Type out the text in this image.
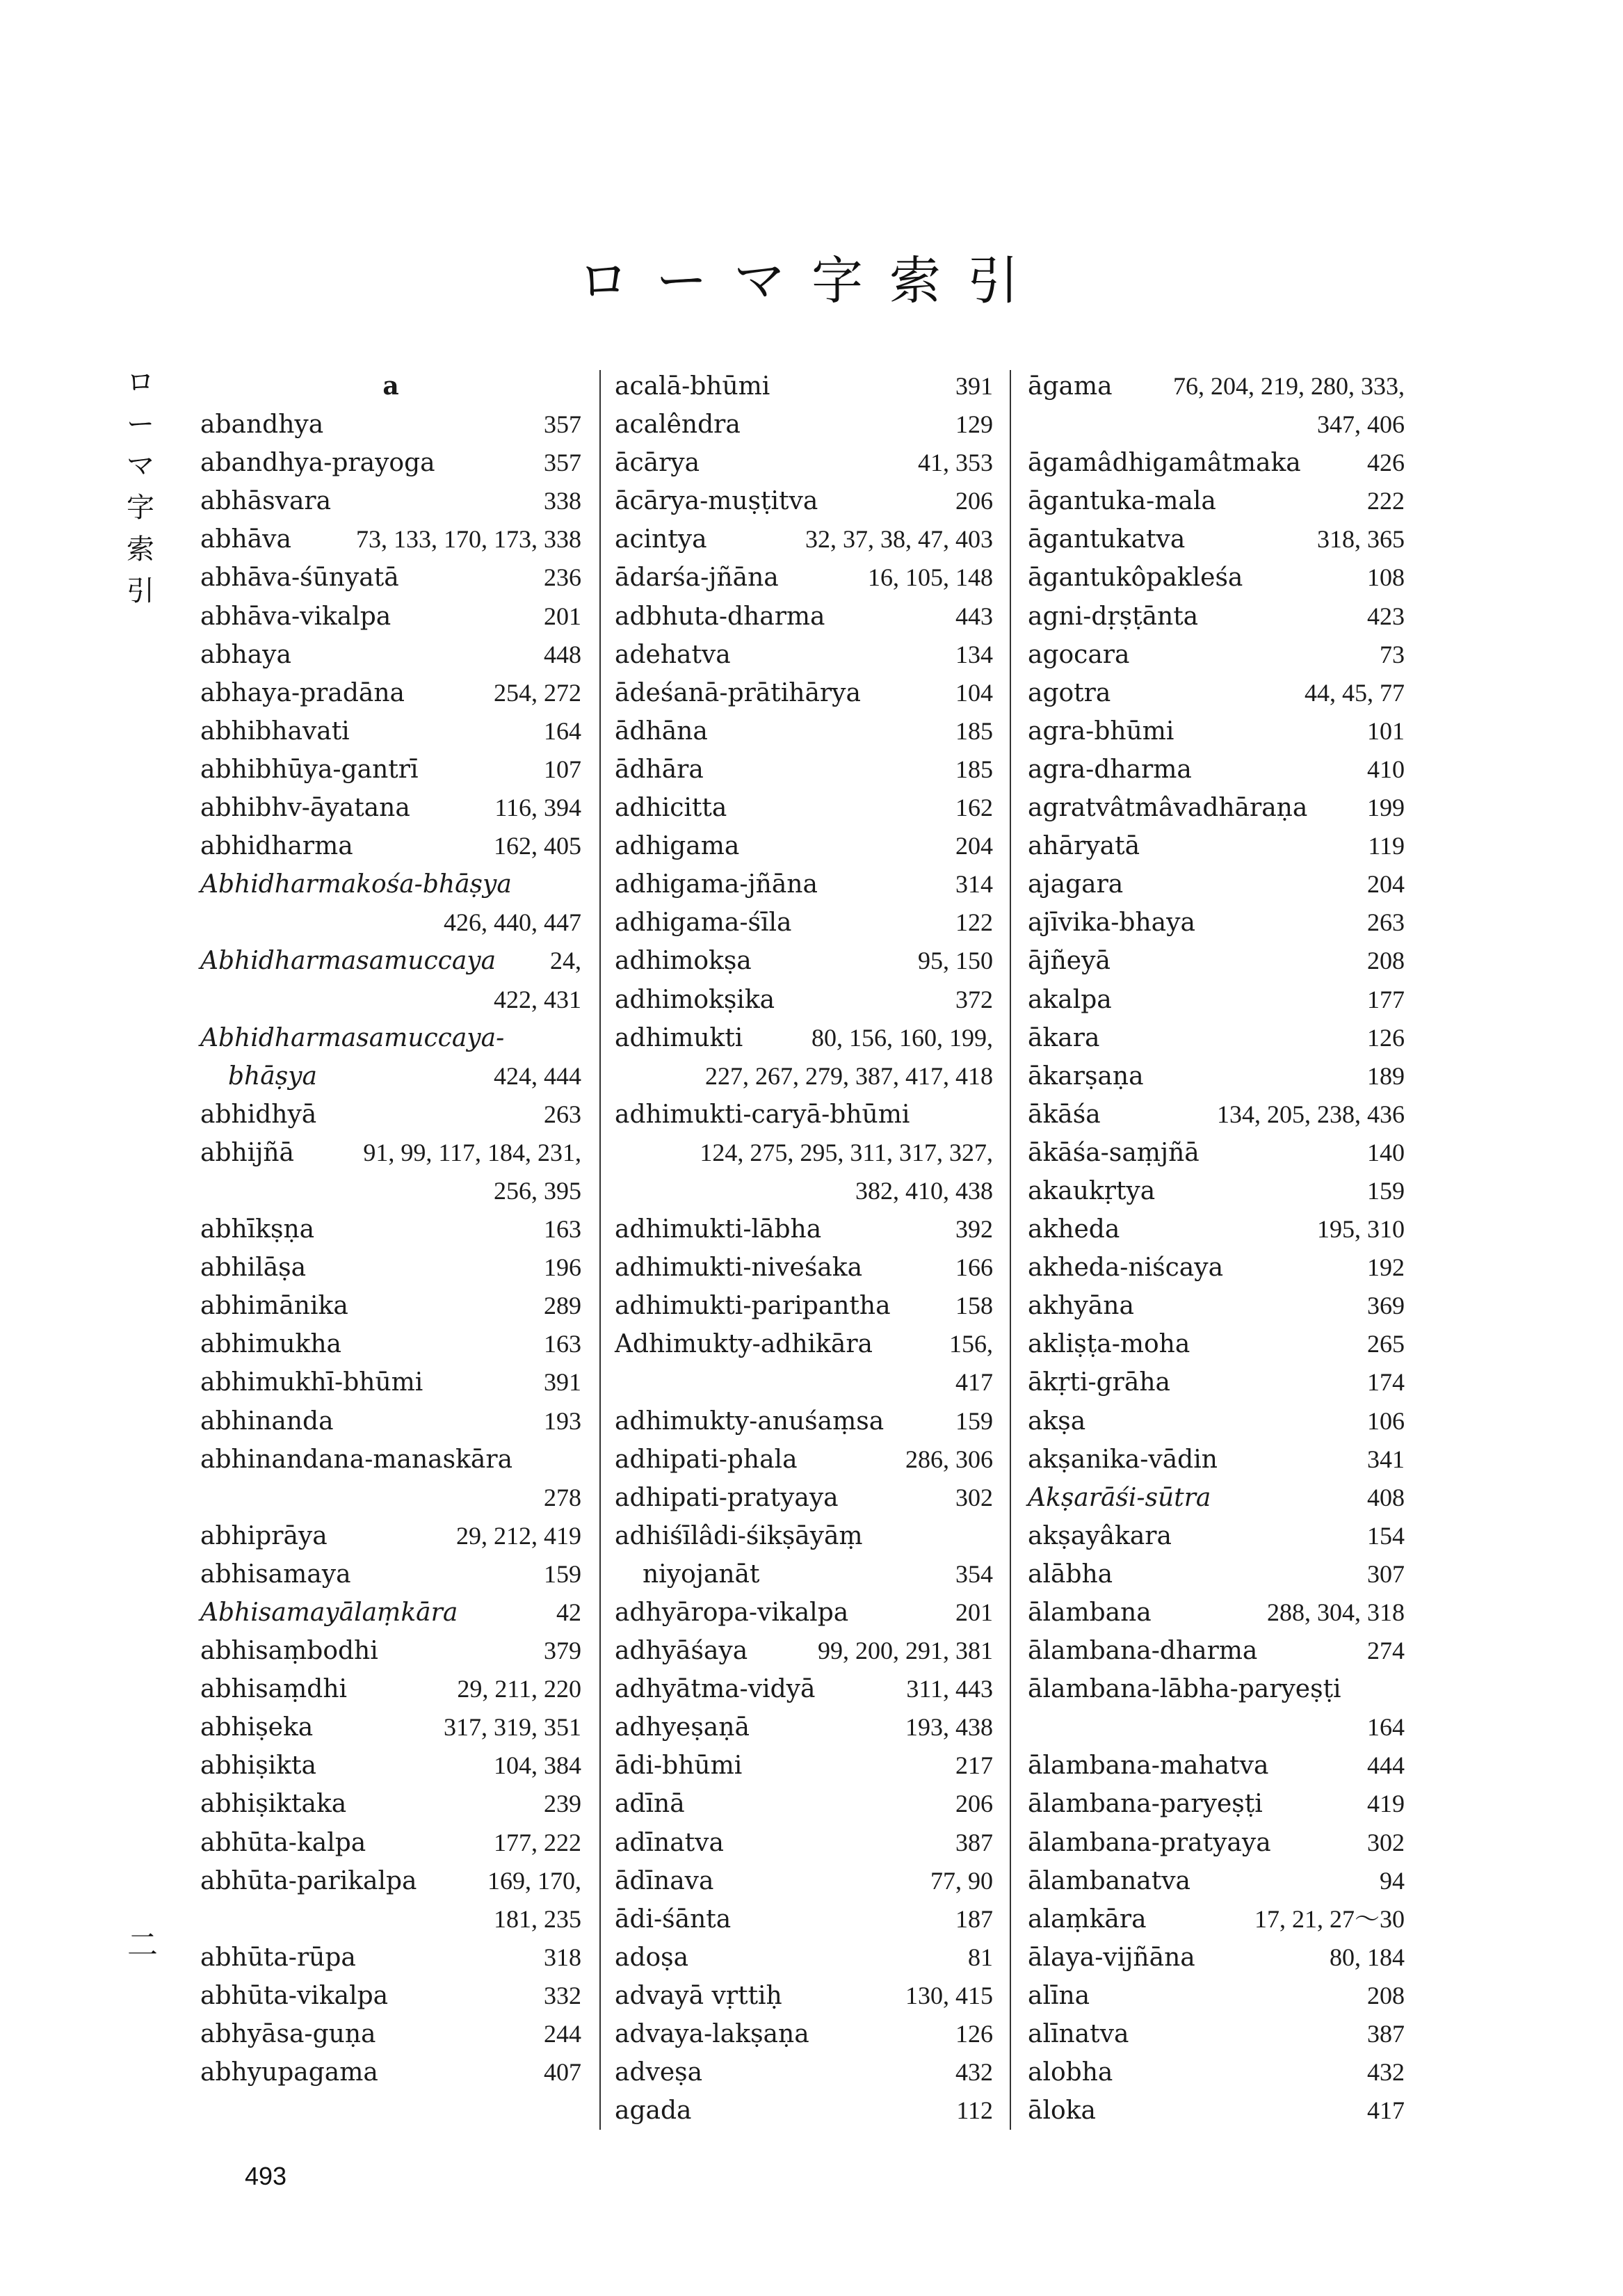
ローマ字索引
ロ
ー
マ
字
索
引
二
a
abandhya	357
abandhya-prayoga	357
abhāsvara	338
abhāva	73, 133, 170, 173, 338
abhāva-śūnyatā	236
abhāva-vikalpa	201
abhaya	448
abhaya-pradāna	254, 272
abhibhavati	164
abhibhūya-gantrī	107
abhibhv-āyatana	116, 394
abhidharma	162, 405
Abhidharmakośa-bhāṣya
426, 440, 447
Abhidharmasamuccaya 24,
422, 431
Abhidharmasamuccaya-
bhāṣya	424, 444
abhidhyā	263
abhijñā	91, 99, 117, 184, 231,
256, 395
abhīkṣṇa	163
abhilāṣa	196
abhimānika	289
abhimukha	163
abhimukhī-bhūmi	391
abhinanda	193
abhinandana-manaskāra
278
abhiprāya	29, 212, 419
abhisamaya	159
Abhisamayālaṃkāra	42
abhisaṃbodhi	379
abhisaṃdhi	29, 211, 220
abhiṣeka	317, 319, 351
abhiṣikta	104, 384
abhiṣiktaka	239
abhūta-kalpa	177, 222
abhūta-parikalpa	169, 170,
181, 235
abhūta-rūpa	318
abhūta-vikalpa	332
abhyāsa-guṇa	244
abhyupagama	407
acalā-bhūmi	391
acalêndra	129
ācārya	41, 353
ācārya-muṣṭitva	206
acintya	32, 37, 38, 47, 403
ādarśa-jñāna	16, 105, 148
adbhuta-dharma	443
adehatva	134
ādeśanā-prātihārya	104
ādhāna	185
ādhāra	185
adhicitta	162
adhigama	204
adhigama-jñāna	314
adhigama-śīla	122
adhimokṣa	95, 150
adhimokṣika	372
adhimukti	80, 156, 160, 199,
227, 267, 279, 387, 417, 418
adhimukti-caryā-bhūmi
124, 275, 295, 311, 317, 327,
382, 410, 438
adhimukti-lābha	392
adhimukti-niveśaka	166
adhimukti-paripantha	158
Adhimukty-adhikāra	156,
417
adhimukty-anuśaṃsa	159
adhipati-phala	286, 306
adhipati-pratyaya	302
adhiśīlâdi-śikṣāyāṃ
niyojanāt	354
adhyāropa-vikalpa	201
adhyāśaya	99, 200, 291, 381
adhyātma-vidyā	311, 443
adhyeṣaṇā	193, 438
ādi-bhūmi	217
adīnā	206
adīnatva	387
ādīnava	77, 90
ādi-śānta	187
adoṣa	81
advayā vṛttiḥ	130, 415
advaya-lakṣaṇa	126
adveṣa	432
agada	112
āgama 76, 204, 219, 280, 333,
347, 406
āgamâdhigamâtmaka	426
āgantuka-mala	222
āgantukatva	318, 365
āgantukôpakleśa	108
agni-dṛṣṭānta	423
agocara	73
agotra	44, 45, 77
agra-bhūmi	101
agra-dharma	410
agratvâtmâvadhāraṇa 199
ahāryatā	119
ajagara	204
ajīvika-bhaya	263
ājñeyā	208
akalpa	177
ākara	126
ākarṣaṇa	189
ākāśa	134, 205, 238, 436
ākāśa-saṃjñā	140
akaukṛtya	159
akheda	195, 310
akheda-niścaya	192
akhyāna	369
akliṣṭa-moha	265
ākṛti-grāha	174
akṣa	106
akṣanika-vādin	341
Akṣarāśi-sūtra	408
akṣayâkara	154
alābha	307
ālambana	288, 304, 318
ālambana-dharma	274
ālambana-lābha-paryeṣṭi
164
ālambana-mahatva	444
ālambana-paryeṣṭi	419
ālambana-pratyaya	302
ālambanatva	94
alaṃkāra	17, 21, 27〜30
ālaya-vijñāna	80, 184
alīna	208
alīnatva	387
alobha	432
āloka	417
493
